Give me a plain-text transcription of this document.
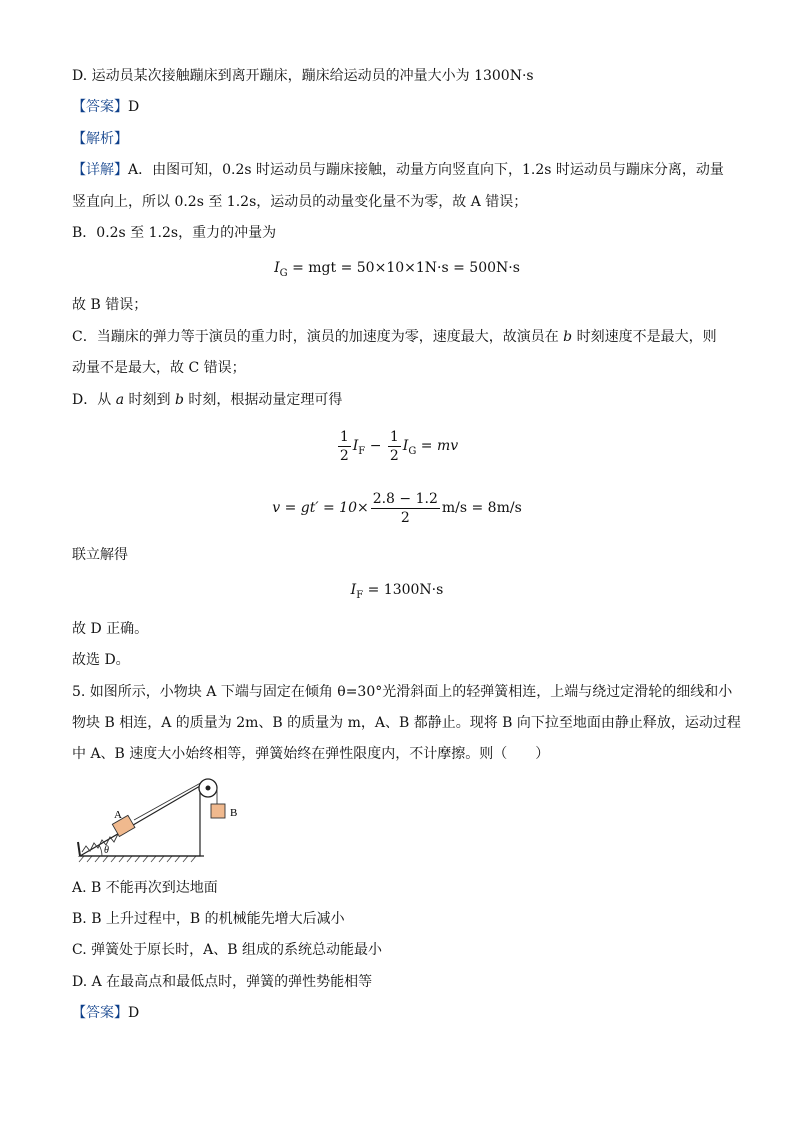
D. 运动员某次接触蹦床到离开蹦床，蹦床给运动员的冲量大小为 1300N·s
【答案】D
【解析】
【详解】A．由图可知，0.2s 时运动员与蹦床接触，动量方向竖直向下，1.2s 时运动员与蹦床分离，动量
竖直向上，所以 0.2s 至 1.2s，运动员的动量变化量不为零，故 A 错误；
B．0.2s 至 1.2s，重力的冲量为
$I_G$ = mgt = 50×10×1N·s = 500N·s
故 B 错误；
C．当蹦床的弹力等于演员的重力时，演员的加速度为零，速度最大，故演员在 b 时刻速度不是最大，则
动量不是最大，故 C 错误；
D．从 a 时刻到 b 时刻，根据动量定理可得
$\frac{1}{2} I_F - \frac{1}{2} I_G$ = mv
$v = gt' = 10\times \frac{2.8 - 1.2}{2} m/s = 8m/s$
联立解得
$I_F = 1300N\cdot s$
故 D 正确。
故选 D。
5. 如图所示，小物块 A 下端与固定在倾角 θ=30°光滑斜面上的轻弹簧相连，上端与绕过定滑轮的细线和小
物块 B 相连，A 的质量为 2m、B 的质量为 m，A、B 都静止。现将 B 向下拉至地面由静止释放，运动过程
中 A、B 速度大小始终相等，弹簧始终在弹性限度内，不计摩擦。则（　　）
A	B
θ
A. B 不能再次到达地面
B. B 上升过程中，B 的机械能先增大后减小
C. 弹簧处于原长时，A、B 组成的系统总动能最小
D. A 在最高点和最低点时，弹簧的弹性势能相等
【答案】D
